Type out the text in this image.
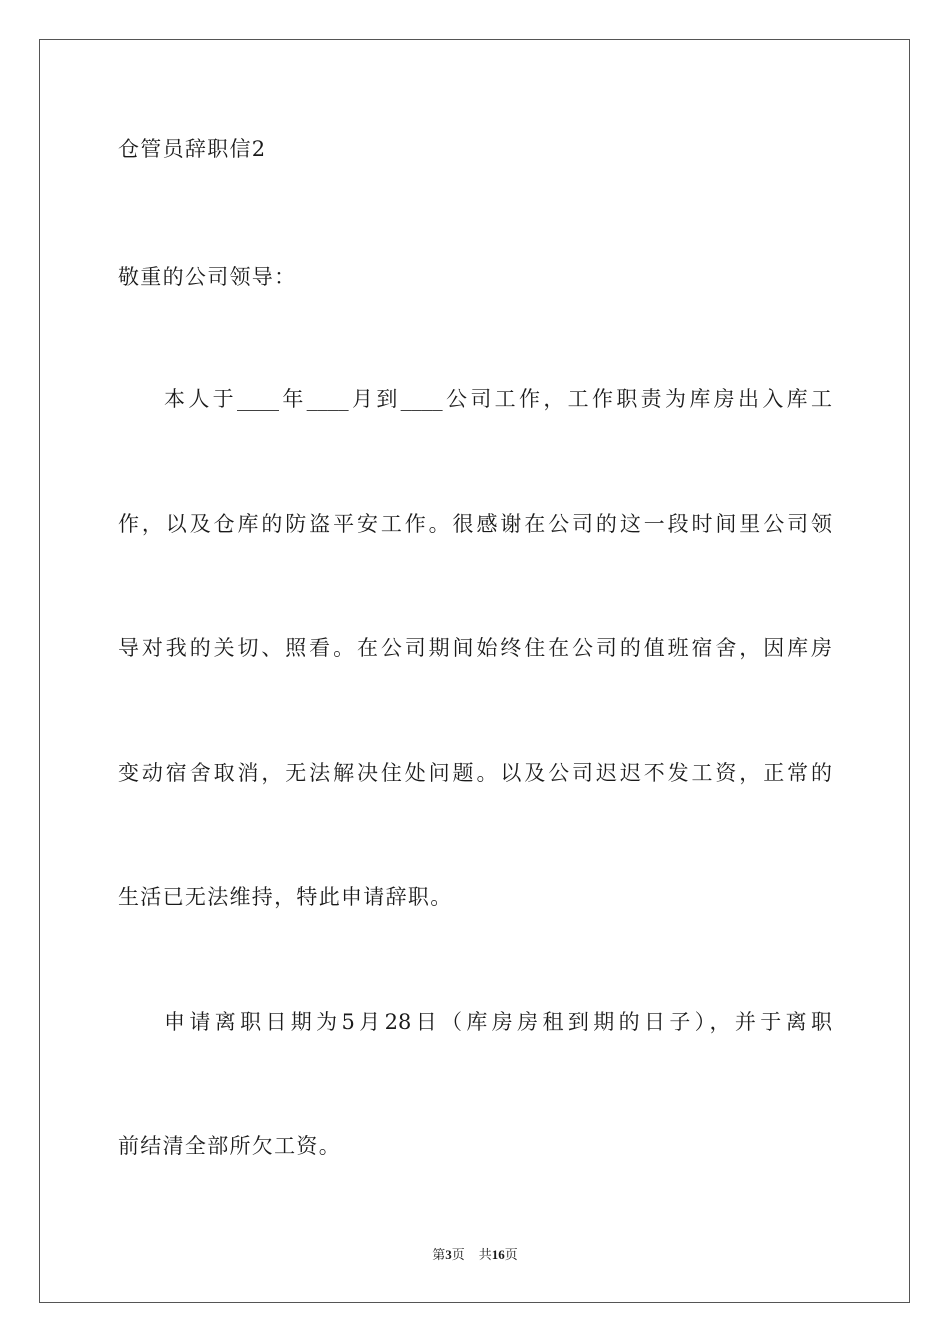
仓管员辞职信2
敬重的公司领导：
本人于____年____月到____公司工作，工作职责为库房出入库工
作，以及仓库的防盗平安工作。很感谢在公司的这一段时间里公司领
导对我的关切、照看。在公司期间始终住在公司的值班宿舍，因库房
变动宿舍取消，无法解决住处问题。以及公司迟迟不发工资，正常的
生活已无法维持，特此申请辞职。
申请离职日期为5月28日（库房房租到期的日子），并于离职
前结清全部所欠工资。
第3页 共16页
